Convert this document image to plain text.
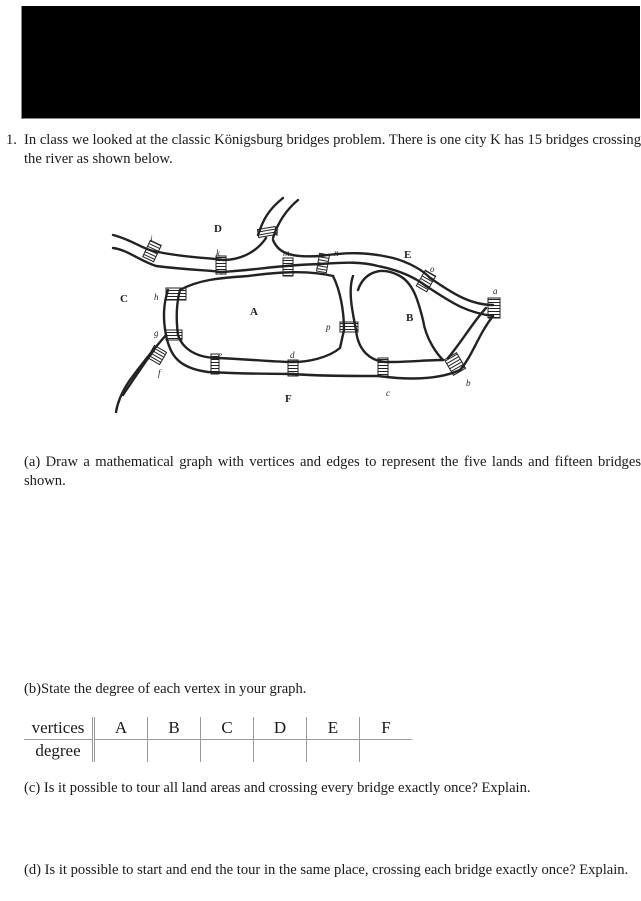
1. In class we looked at the classic Königsburg bridges problem. There is one city K has 15 bridges crossing the river as shown below.
D
E
C
A	B
F
i
k
l
m	n
o
a
h
g
f
e	d
p
c
b
(a) Draw a mathematical graph with vertices and edges to represent the five lands and fifteen bridges shown.
(b)State the degree of each vertex in your graph.
vertices	A	B	C	D	E	F
degree						
(c) Is it possible to tour all land areas and crossing every bridge exactly once? Explain.
(d) Is it possible to start and end the tour in the same place, crossing each bridge exactly once? Explain.
